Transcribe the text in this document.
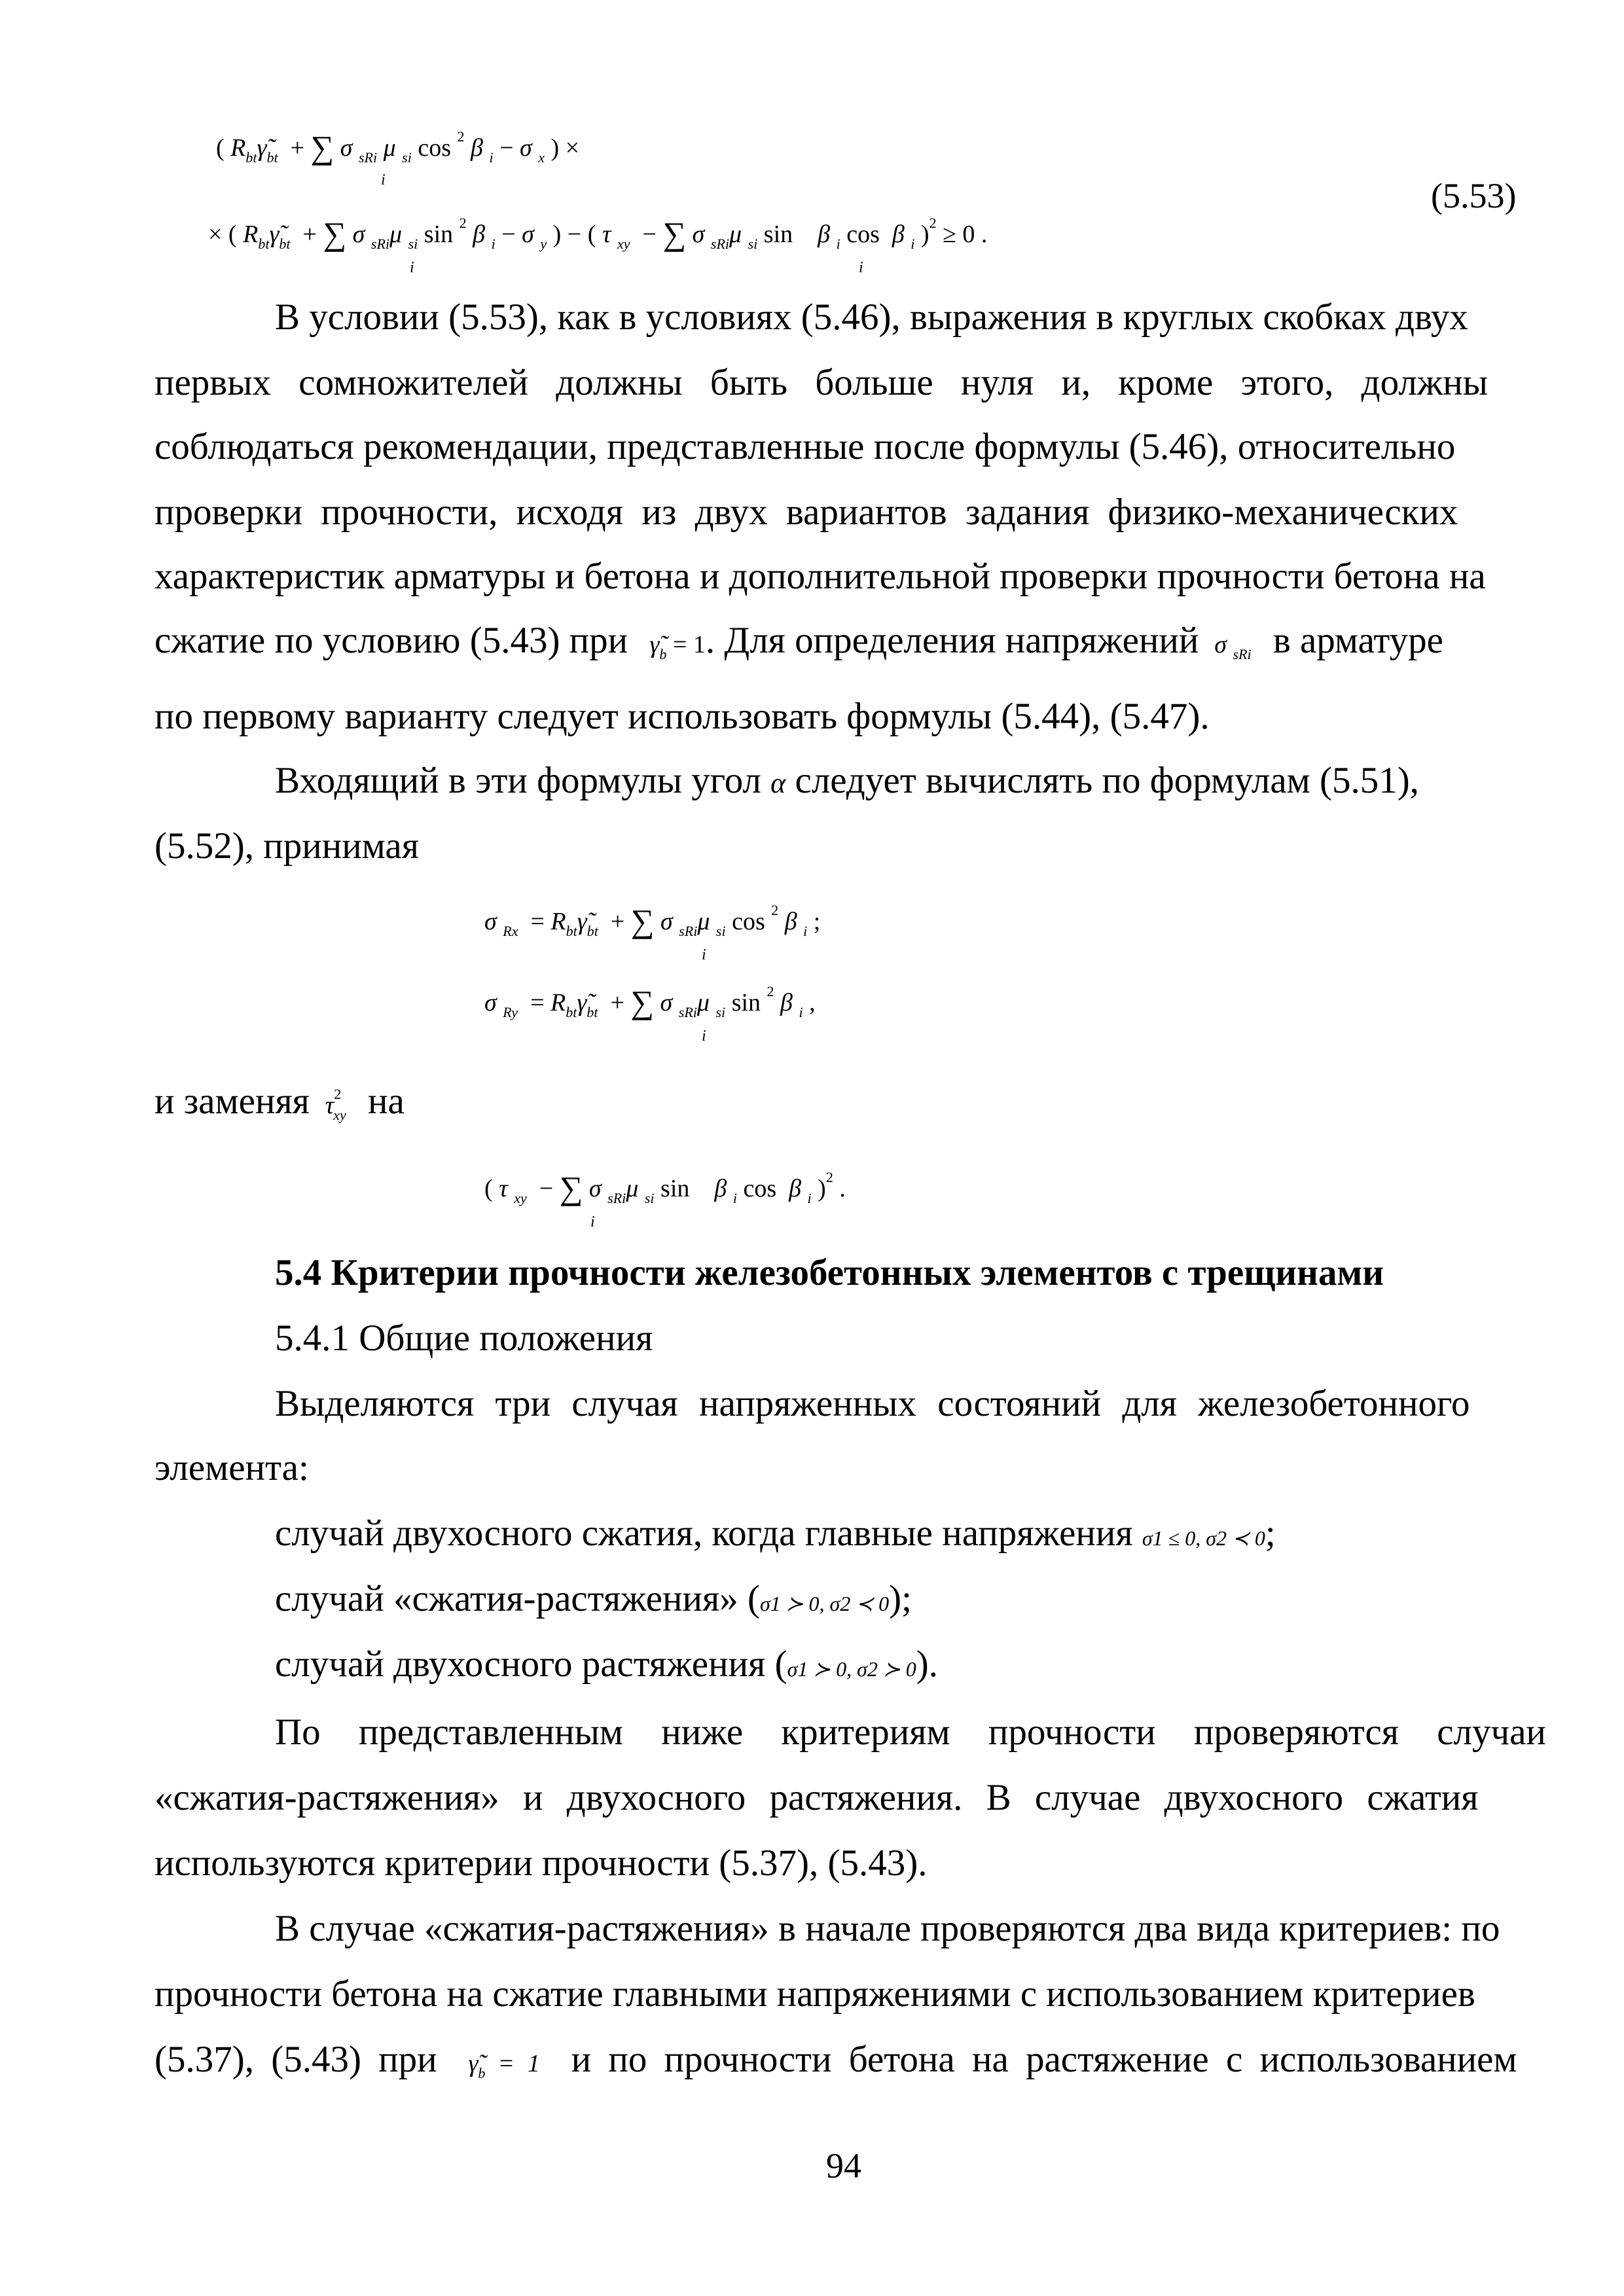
( $R_{bt}\gammã_{bt}$  + ∑ σ $_{sRi}$ μ $_{si}$ cos $^2$ β $_i$ − σ $_x$ ) ×
i
× ( $R_{bt}\gammã_{bt}$  + ∑ σ $_{sRi}$μ $_{si}$ sin $^2$ β $_i$ − σ $_y$ ) − ( τ $_{xy}$  − ∑ σ $_{sRi}$μ $_{si}$ sin    β $_i$ cos  β $_i$ )$^2$ ≥ 0 .
i	i
(5.53)
В условии (5.53), как в условиях (5.46), выражения в круглых скобках двух
первых сомножителей должны быть больше нуля и, кроме этого, должны
соблюдаться рекомендации, представленные после формулы (5.46), относительно
проверки прочности, исходя из двух вариантов задания физико-механических
характеристик арматуры и бетона и дополнительной проверки прочности бетона на
сжатие по условию (5.43) при $\gammã_b = 1$. Для определения напряжений σ $_{sRi}$ в арматуре
по первому варианту следует использовать формулы (5.44), (5.47).
Входящий в эти формулы угол α следует вычислять по формулам (5.51),
(5.52), принимая
σ $_{Rx} = R_{bt}\gammã_{bt}$  + ∑ σ $_{sRi}$μ $_{si}$ cos $^2$ β $_i$ ;
i
σ $_{Ry} = R_{bt}\gammã_{bt}$  + ∑ σ $_{sRi}$μ $_{si}$ sin $^2$ β $_i$ ,
i
и заменяя $\tau^2_{xy}$ на
( τ $_{xy}$  − ∑ σ $_{sRi}$μ $_{si}$ sin    β $_i$ cos  β $_i$ )$^2$ .
i
5.4 Критерии прочности железобетонных элементов с трещинами
5.4.1 Общие положения
Выделяются три случая напряженных состояний для железобетонного
элемента:
случай двухосного сжатия, когда главные напряжения σ1 ≤ 0, σ2 ≺ 0;
случай «сжатия-растяжения» (σ1 ≻ 0, σ2 ≺ 0);
случай двухосного растяжения (σ1 ≻ 0, σ2 ≻ 0).
По представленным ниже критериям прочности проверяются случаи
«сжатия-растяжения» и двухосного растяжения. В случае двухосного сжатия
используются критерии прочности (5.37), (5.43).
В случае «сжатия-растяжения» в начале проверяются два вида критериев: по
прочности бетона на сжатие главными напряжениями с использованием критериев
(5.37), (5.43) при $\gammã_b = 1$ и по прочности бетона на растяжение с использованием
94
